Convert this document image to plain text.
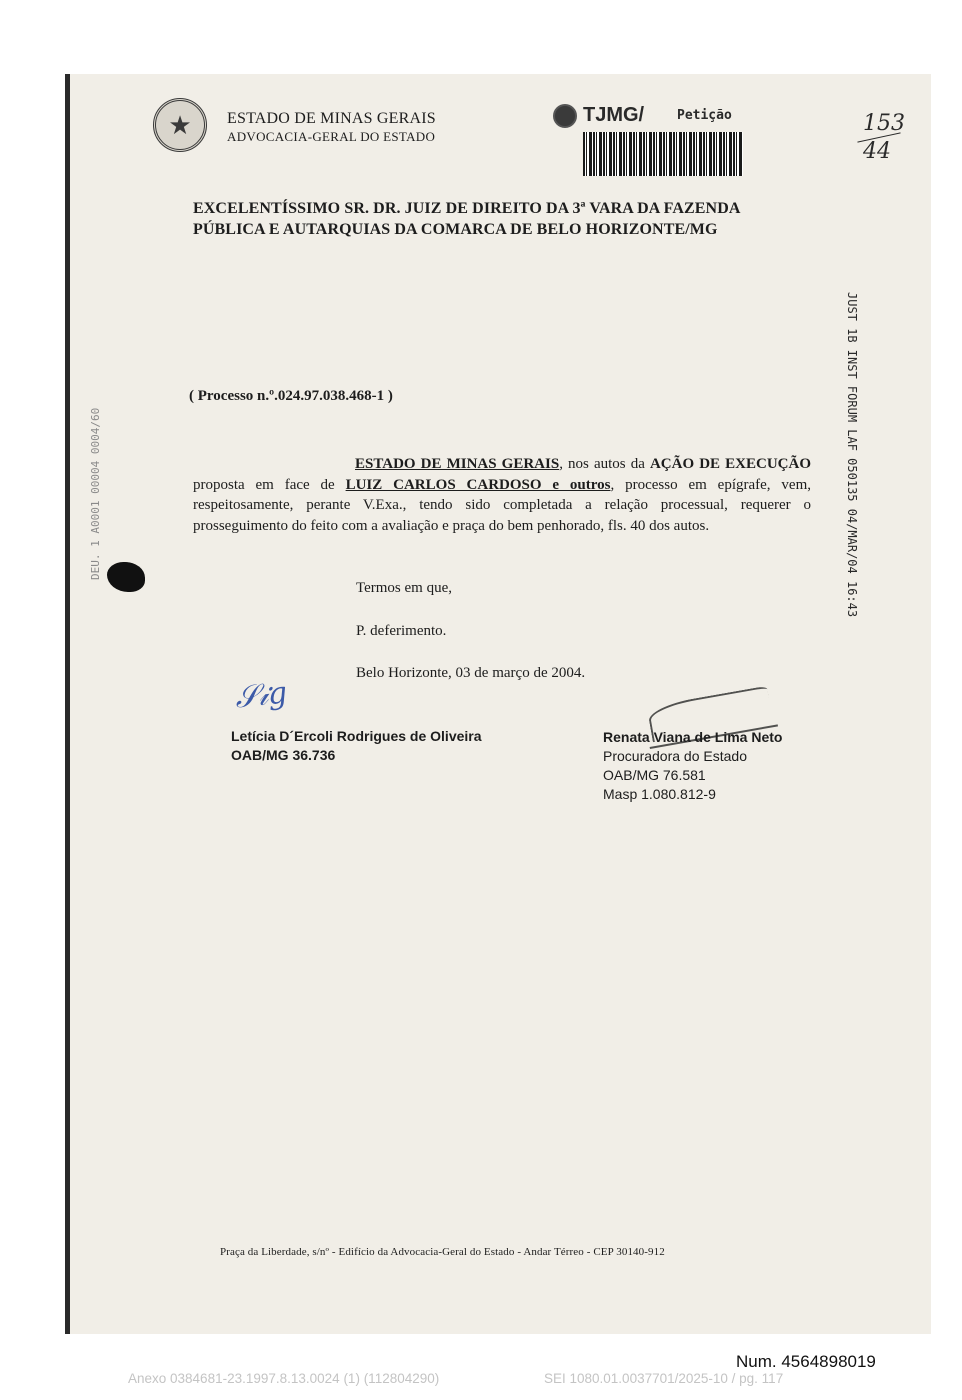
★
ESTADO DE MINAS GERAIS
ADVOCACIA-GERAL DO ESTADO
TJMG/	Petição	153
44
EXCELENTÍSSIMO SR. DR. JUIZ DE DIREITO DA 3ª VARA DA FAZENDA PÚBLICA E AUTARQUIAS DA COMARCA DE BELO HORIZONTE/MG
( Processo n.º.024.97.038.468-1 )
ESTADO DE MINAS GERAIS, nos autos da AÇÃO DE EXECUÇÃO proposta em face de LUIZ CARLOS CARDOSO e outros, processo em epígrafe, vem, respeitosamente, perante V.Exa., tendo sido completada a relação processual, requerer o prosseguimento do feito com a avaliação e praça do bem penhorado, fls. 40 dos autos.
Termos em que,
P. deferimento.
Belo Horizonte, 03 de março de 2004.
𝒮𝒾𝑔
Letícia D´Ercoli Rodrigues de Oliveira
OAB/MG 36.736
Renata Viana de Lima Neto
Procuradora do Estado
OAB/MG 76.581
Masp 1.080.812-9
JUST 1B INST FORUM LAF 050135 04/MAR/04 16:43
DEU. 1 A0001 00004 0004/60
Praça da Liberdade, s/nº - Edifício da Advocacia-Geral do Estado - Andar Térreo - CEP 30140-912
Num. 4564898019
Anexo 0384681-23.1997.8.13.0024 (1) (112804290)	SEI 1080.01.0037701/2025-10 / pg. 117
